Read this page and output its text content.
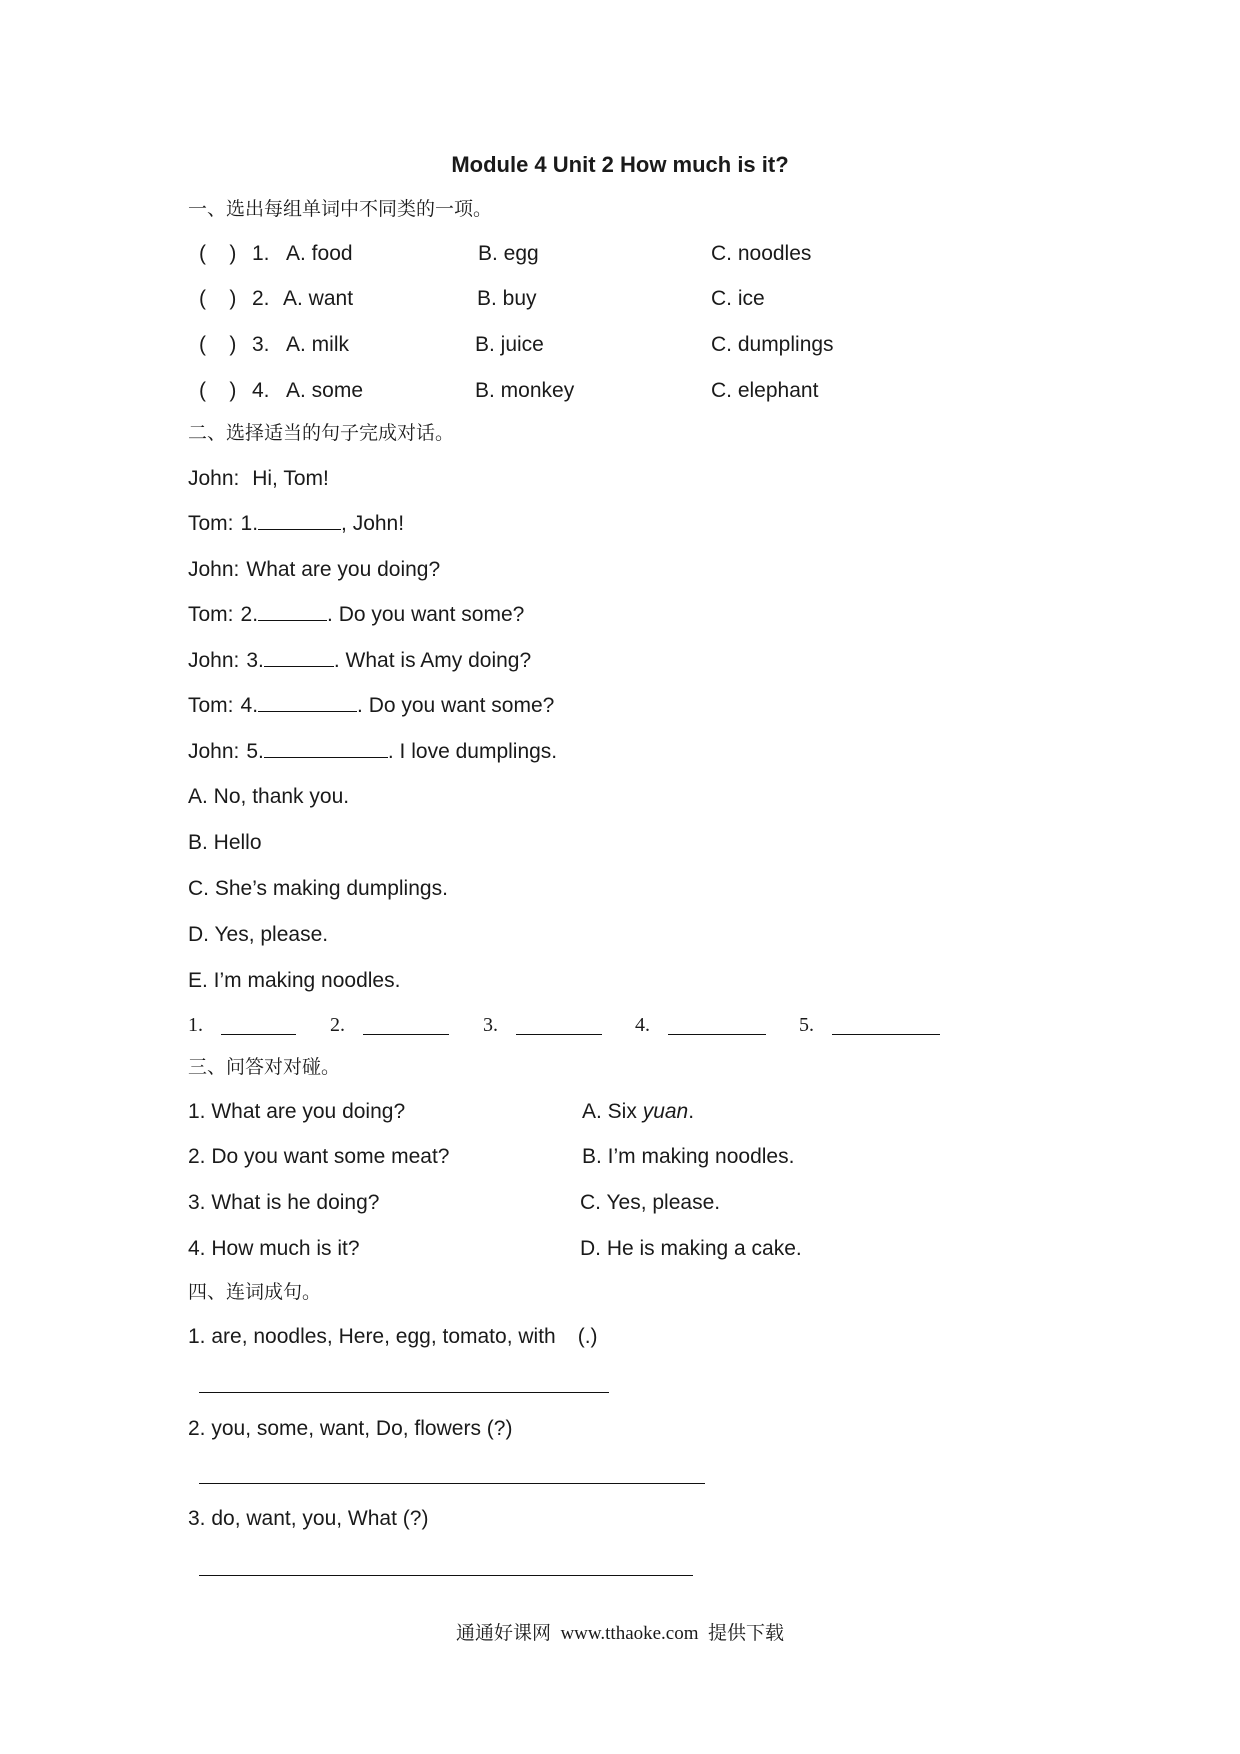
Module 4 Unit 2 How much is it?
一、选出每组单词中不同类的一项。
(    ) 1. A. food	B. egg	C. noodles
(    ) 2. A. want	B. buy	C. ice
(    ) 3. A. milk	B. juice	C. dumplings
(    ) 4. A. some	B. monkey	C. elephant
二、选择适当的句子完成对话。
John: Hi, Tom!
Tom: 1.	, John!
John: What are you doing?
Tom: 2.	. Do you want some?
John: 3.	. What is Amy doing?
Tom: 4.	. Do you want some?
John: 5.	. I love dumplings.
A. No, thank you.
B. Hello
C. She’s making dumplings.
D. Yes, please.
E. I’m making noodles.
1.	2.	3.	4.	5.
三、问答对对碰。
1. What are you doing?	A. Six yuan.
2. Do you want some meat?	B. I’m making noodles.
3. What is he doing?	C. Yes, please.
4. How much is it?	D. He is making a cake.
四、连词成句。
1. are, noodles, Here, egg, tomato, with (.)
2. you, some, want, Do, flowers (?)
3. do, want, you, What (?)
通通好课网  www.tthaoke.com  提供下载
